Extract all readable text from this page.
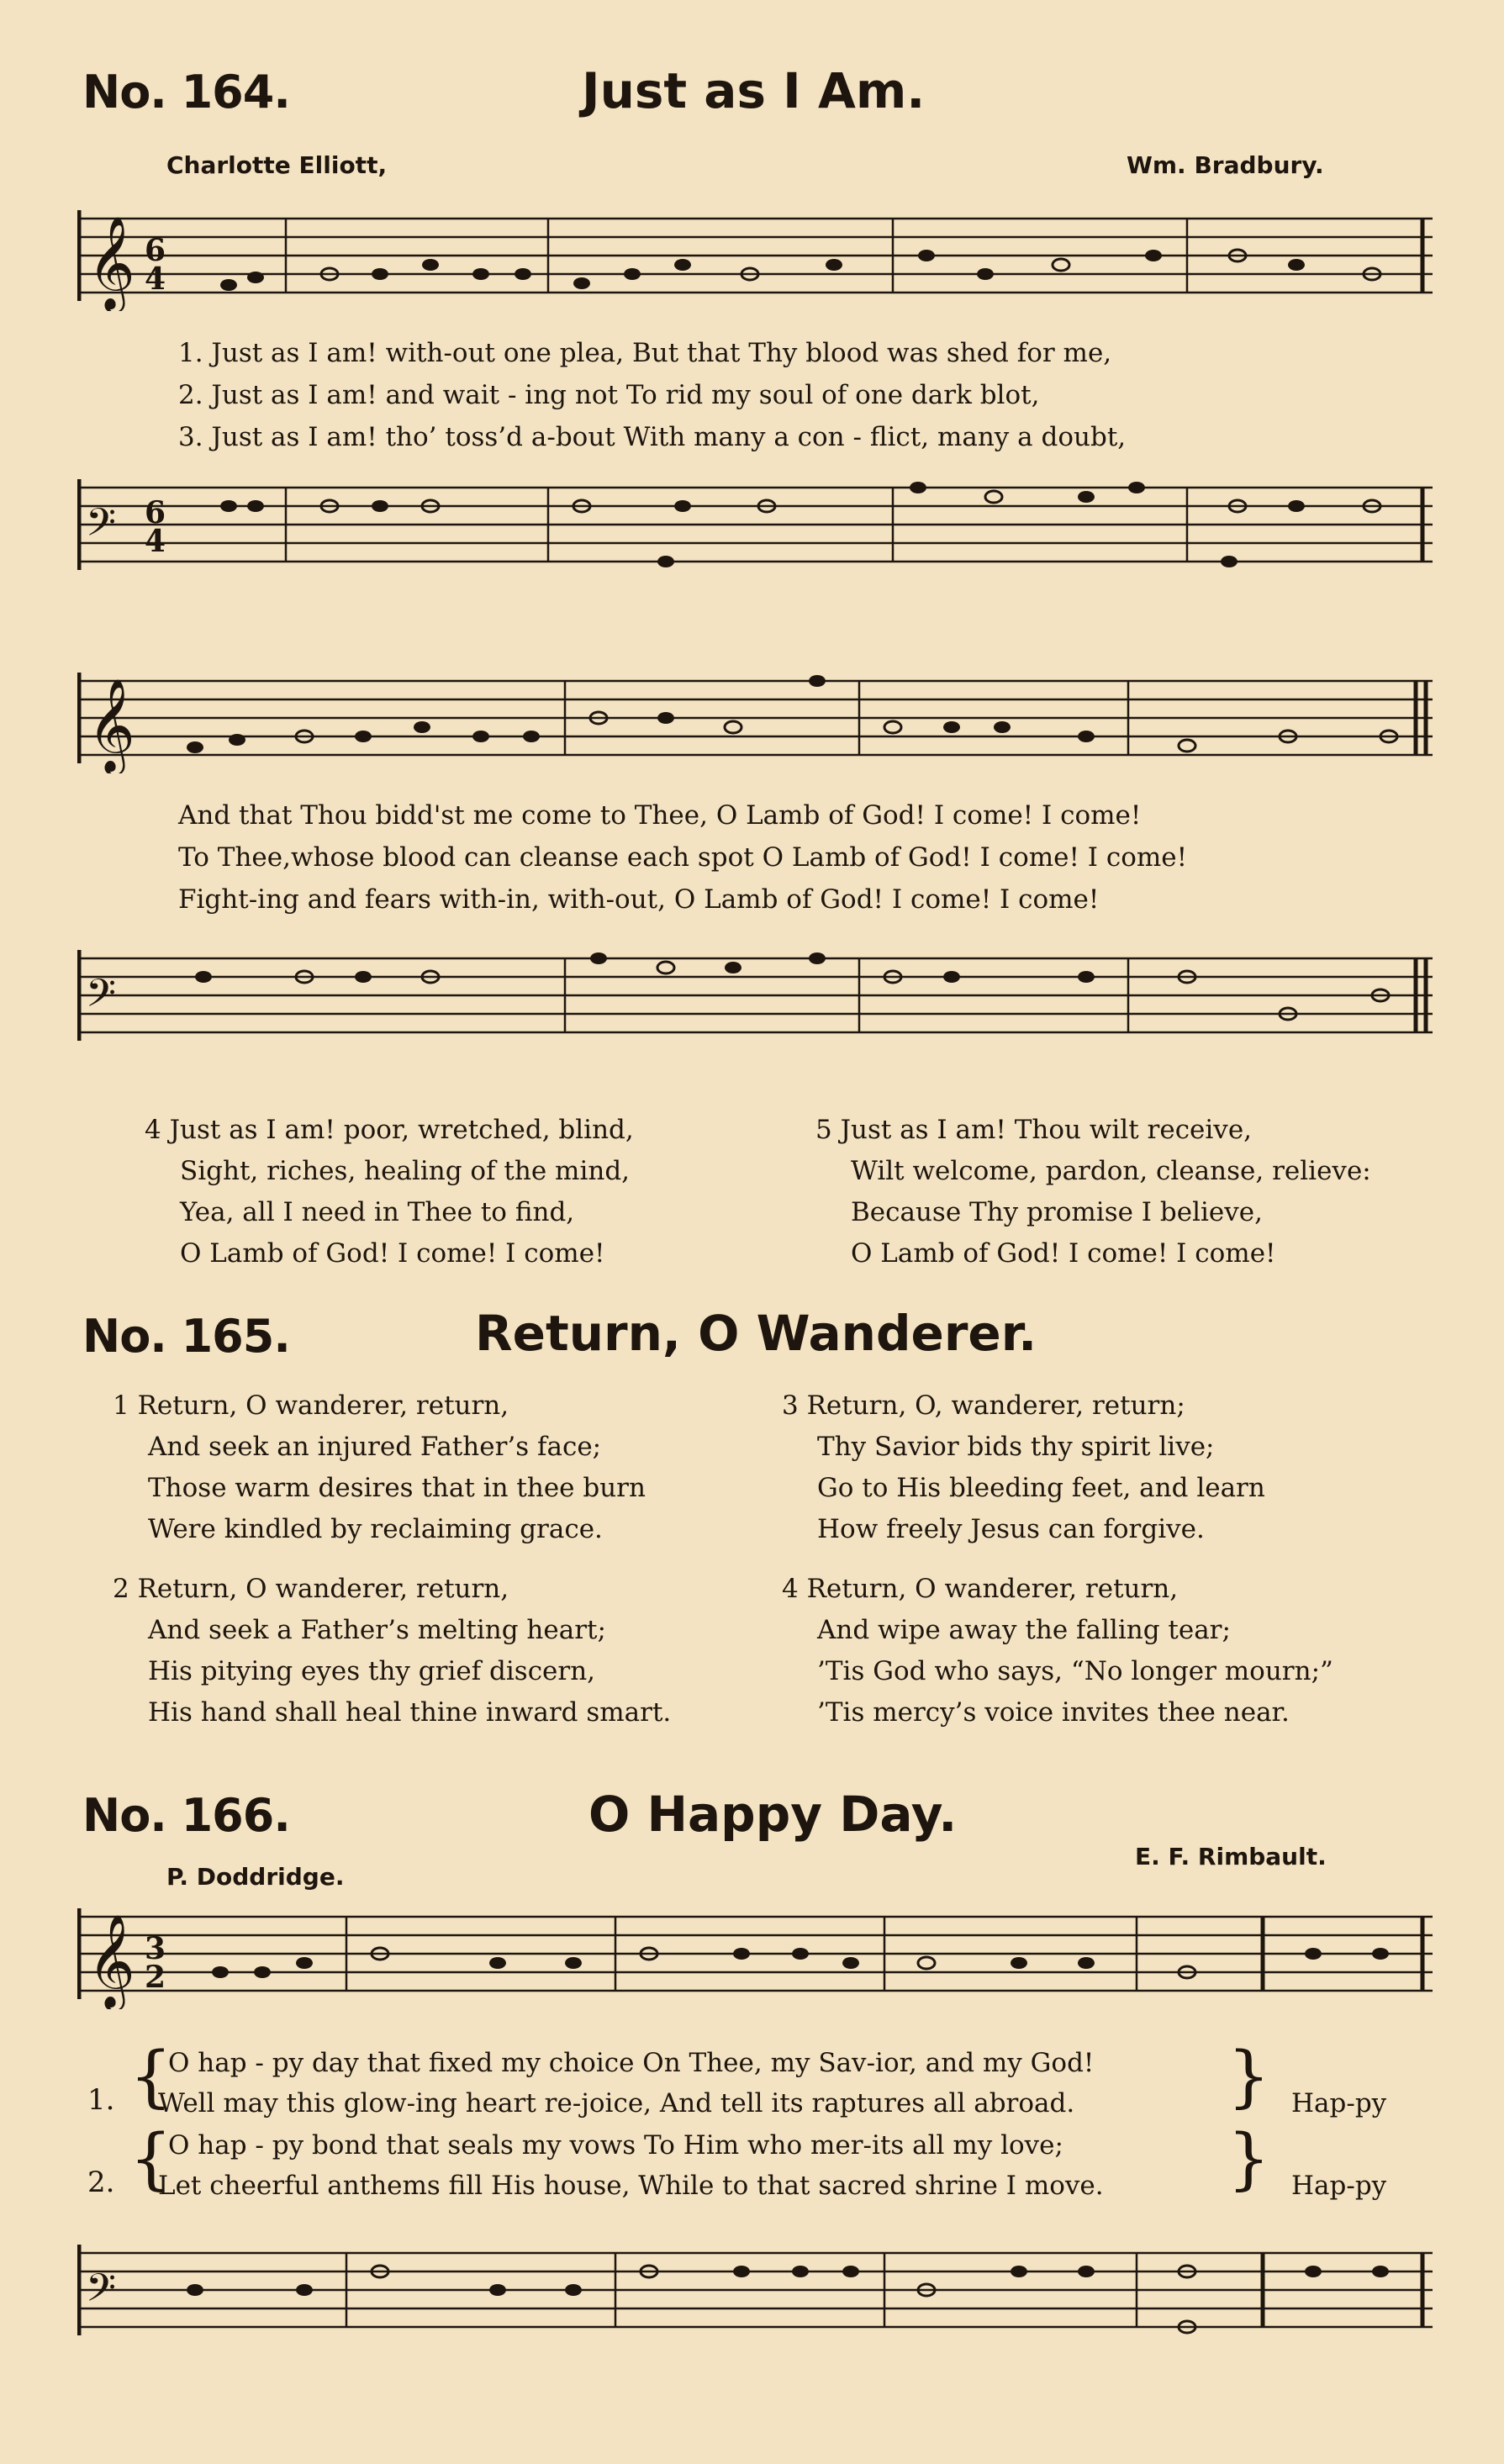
No. 164.	Just as I Am.
Charlotte Elliott,	Wm. Bradbury.
𝄞 6
4
1. Just as I am! with-out one plea, But that Thy blood was shed for me,
2. Just as I am! and wait - ing not To rid my soul of one dark blot,
3. Just as I am! tho’ toss’d a-bout With many a con - flict, many a doubt,
𝄢 6
4
𝄞
And that Thou bidd'st me come to Thee, O Lamb of God! I come! I come!
To Thee,whose blood can cleanse each spot O Lamb of God! I come! I come!
Fight-ing and fears with-in, with-out, O Lamb of God! I come! I come!
𝄢
4 Just as I am! poor, wretched, blind,

Sight, riches, healing of the mind,
Yea, all I need in Thee to find,
O Lamb of God! I come! I come!
5 Just as I am! Thou wilt receive,

Wilt welcome, pardon, cleanse, relieve:
Because Thy promise I believe,
O Lamb of God! I come! I come!
No. 165.	Return, O Wanderer.
1 Return, O wanderer, return,

And seek an injured Father’s face;
Those warm desires that in thee burn
Were kindled by reclaiming grace.
2 Return, O wanderer, return,

And seek a Father’s melting heart;
His pitying eyes thy grief discern,
His hand shall heal thine inward smart.
3 Return, O, wanderer, return;

Thy Savior bids thy spirit live;
Go to His bleeding feet, and learn
How freely Jesus can forgive.
4 Return, O wanderer, return,

And wipe away the falling tear;
’Tis God who says, “No longer mourn;”
’Tis mercy’s voice invites thee near.
No. 166.	O Happy Day.
P. Doddridge.
E. F. Rimbault.
𝄞 3
2
1. {
O hap - py day that fixed my choice On Thee, my Sav-ior, and my God!
Well may this glow-ing heart re-joice, And tell its raptures all abroad. } Hap-py
2. {
O hap - py bond that seals my vows To Him who mer-its all my love;
Let cheerful anthems fill His house, While to that sacred shrine I move. } Hap-py
𝄢
